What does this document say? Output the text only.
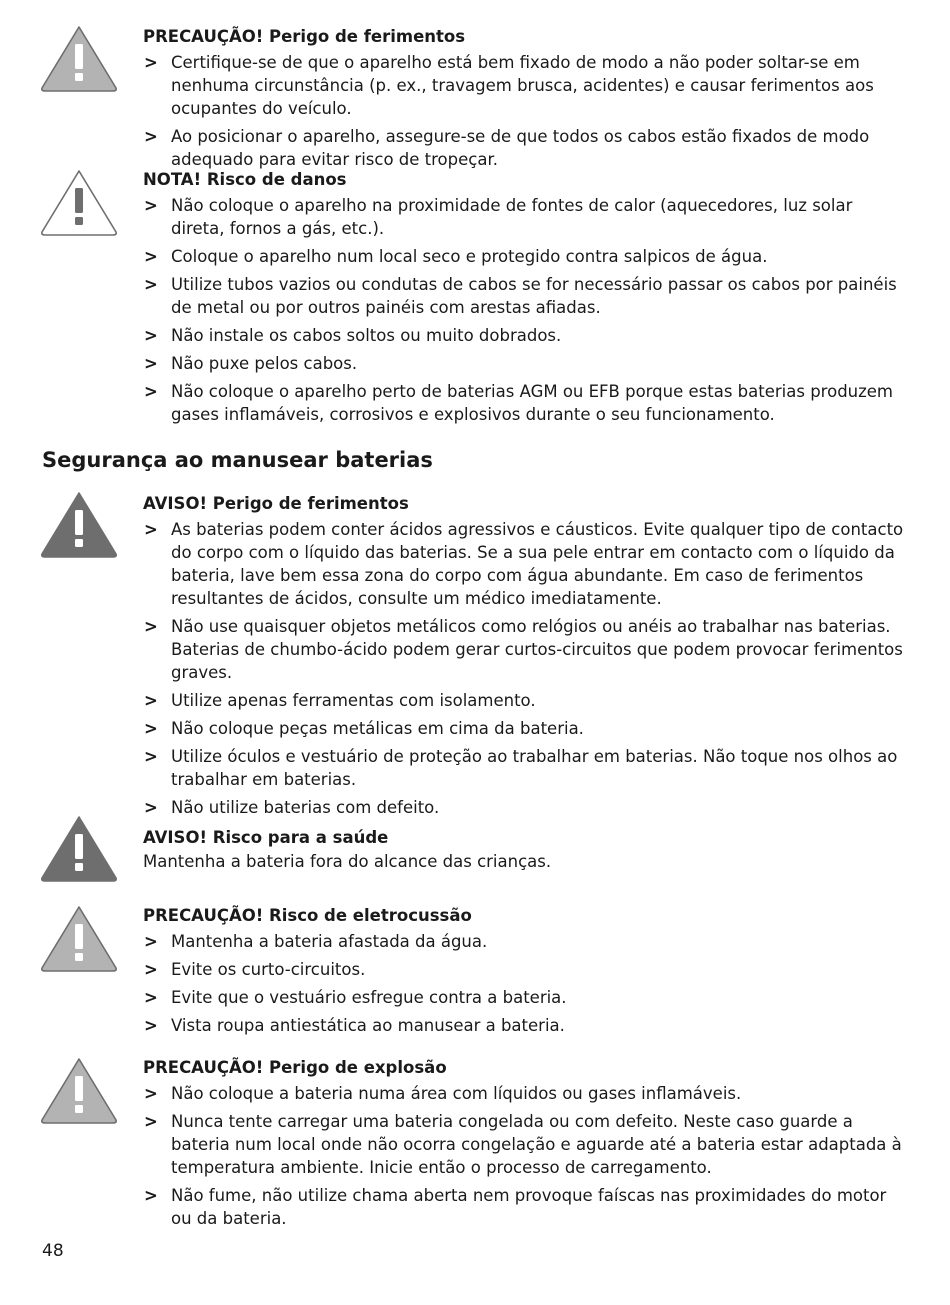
PRECAUÇÃO! Perigo de ferimentos

> Certifique-se de que o aparelho está bem fixado de modo a não poder soltar-se em nenhuma circunstância (p. ex., travagem brusca, acidentes) e causar ferimentos aos ocupantes do veículo.
> Ao posicionar o aparelho, assegure-se de que todos os cabos estão fixados de modo adequado para evitar risco de tropeçar.

NOTA! Risco de danos

> Não coloque o aparelho na proximidade de fontes de calor (aquecedores, luz solar direta, fornos a gás, etc.).
> Coloque o aparelho num local seco e protegido contra salpicos de água.
> Utilize tubos vazios ou condutas de cabos se for necessário passar os cabos por painéis de metal ou por outros painéis com arestas afiadas.
> Não instale os cabos soltos ou muito dobrados.
> Não puxe pelos cabos.
> Não coloque o aparelho perto de baterias AGM ou EFB porque estas baterias produzem gases inflamáveis, corrosivos e explosivos durante o seu funcionamento.
Segurança ao manusear baterias

AVISO! Perigo de ferimentos

> As baterias podem conter ácidos agressivos e cáusticos. Evite qualquer tipo de contacto do corpo com o líquido das baterias. Se a sua pele entrar em contacto com o líquido da bateria, lave bem essa zona do corpo com água abundante. Em caso de ferimentos resultantes de ácidos, consulte um médico imediatamente.
> Não use quaisquer objetos metálicos como relógios ou anéis ao trabalhar nas baterias. Baterias de chumbo-ácido podem gerar curtos-circuitos que podem provocar ferimentos graves.
> Utilize apenas ferramentas com isolamento.
> Não coloque peças metálicas em cima da bateria.
> Utilize óculos e vestuário de proteção ao trabalhar em baterias. Não toque nos olhos ao trabalhar em baterias.
> Não utilize baterias com defeito.

AVISO! Risco para a saúde

Mantenha a bateria fora do alcance das crianças.

PRECAUÇÃO! Risco de eletrocussão

> Mantenha a bateria afastada da água.
> Evite os curto-circuitos.
> Evite que o vestuário esfregue contra a bateria.
> Vista roupa antiestática ao manusear a bateria.

PRECAUÇÃO! Perigo de explosão

> Não coloque a bateria numa área com líquidos ou gases inflamáveis.
> Nunca tente carregar uma bateria congelada ou com defeito. Neste caso guarde a bateria num local onde não ocorra congelação e aguarde até a bateria estar adaptada à temperatura ambiente. Inicie então o processo de carregamento.
> Não fume, não utilize chama aberta nem provoque faíscas nas proximidades do motor ou da bateria.
48
